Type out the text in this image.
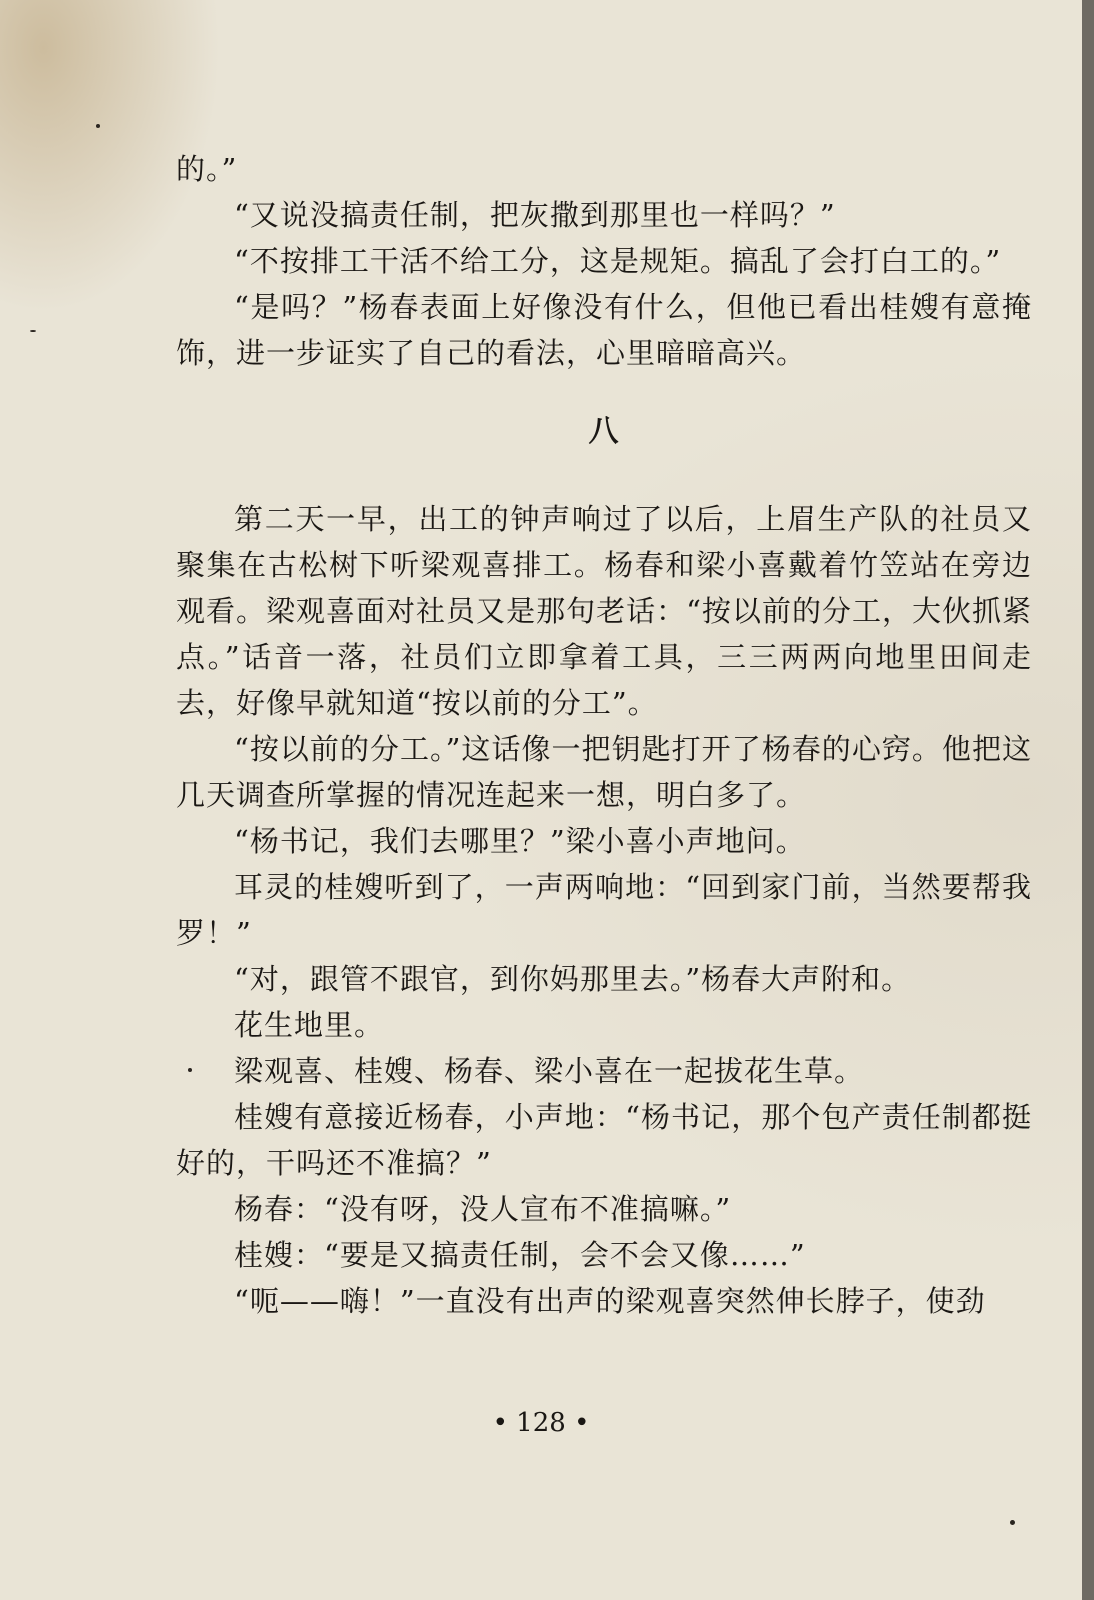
的。”

“又说没搞责任制，把灰撒到那里也一样吗？”

“不按排工干活不给工分，这是规矩。搞乱了会打白工的。”

“是吗？”杨春表面上好像没有什么，但他已看出桂嫂有意掩饰，进一步证实了自己的看法，心里暗暗高兴。

八

第二天一早，出工的钟声响过了以后，上眉生产队的社员又聚集在古松树下听梁观喜排工。杨春和梁小喜戴着竹笠站在旁边观看。梁观喜面对社员又是那句老话：“按以前的分工，大伙抓紧点。”话音一落，社员们立即拿着工具，三三两两向地里田间走去，好像早就知道“按以前的分工”。

“按以前的分工。”这话像一把钥匙打开了杨春的心窍。他把这几天调查所掌握的情况连起来一想，明白多了。

“杨书记，我们去哪里？”梁小喜小声地问。

耳灵的桂嫂听到了，一声两响地：“回到家门前，当然要帮我罗！”

“对，跟管不跟官，到你妈那里去。”杨春大声附和。

花生地里。

梁观喜、桂嫂、杨春、梁小喜在一起拔花生草。

桂嫂有意接近杨春，小声地：“杨书记，那个包产责任制都挺好的，干吗还不准搞？”

杨春：“没有呀，没人宣布不准搞嘛。”

桂嫂：“要是又搞责任制，会不会又像……”

“呃——嗨！”一直没有出声的梁观喜突然伸长脖子，使劲

• 128 •
